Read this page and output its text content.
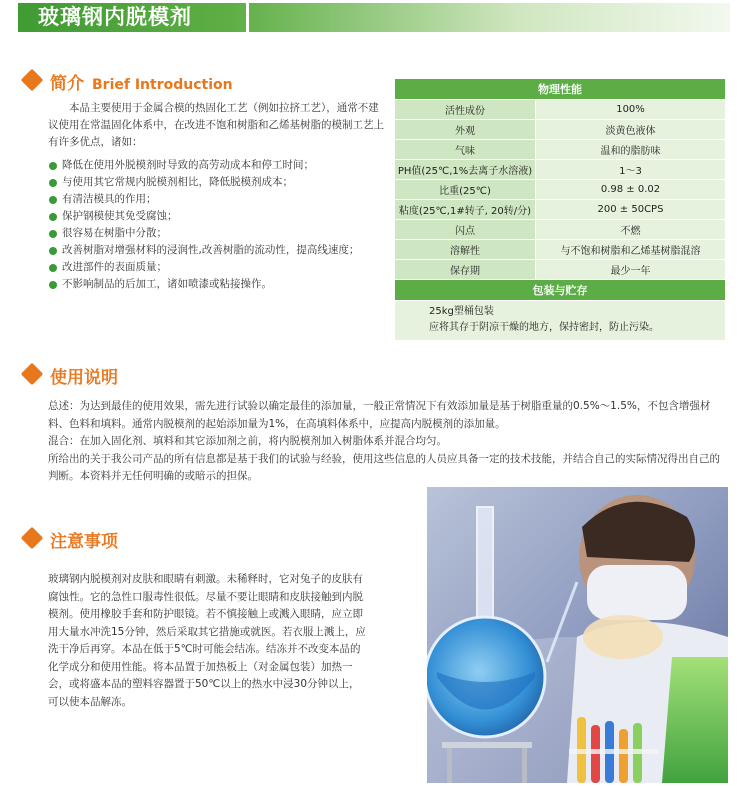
玻璃钢内脱模剂
简介 Brief Introduction

本品主要使用于金属合模的热固化工艺（例如拉挤工艺），通常不建议使用在常温固化体系中，在改进不饱和树脂和乙烯基树脂的模制工艺上有许多优点，诸如：

降低在使用外脱模剂时导致的高劳动成本和停工时间；
与使用其它常规内脱模剂相比，降低脱模剂成本；
有清洁模具的作用；
保护钢模使其免受腐蚀；
很容易在树脂中分散；
改善树脂对增强材料的浸润性,改善树脂的流动性，提高线速度；
改进部件的表面质量；
不影响制品的后加工，诸如喷漆或粘接操作。
物理性能	
活性成份	100%
外观	淡黄色液体
气味	温和的脂肪味
PH值(25℃,1%去离子水溶液)	1～3
比重(25℃)	0.98 ± 0.02
粘度(25℃,1#转子, 20转/分)	200 ± 50CPS
闪点	不燃
溶解性	与不饱和树脂和乙烯基树脂混溶
保存期	最少一年
包装与贮存	

25kg塑桶包装
应将其存于阴凉干燥的地方，保持密封，防止污染。	
使用说明

总述：为达到最佳的使用效果，需先进行试验以确定最佳的添加量，一般正常情况下有效添加量是基于树脂重量的0.5%～1.5%，不包含增强材料、色料和填料。通常内脱模剂的起始添加量为1%，在高填料体系中，应提高内脱模剂的添加量。

混合：在加入固化剂、填料和其它添加剂之前，将内脱模剂加入树脂体系并混合均匀。

所给出的关于我公司产品的所有信息都是基于我们的试验与经验，使用这些信息的人员应具备一定的技术技能，并结合自己的实际情况得出自己的判断。本资料并无任何明确的或暗示的担保。

注意事项

玻璃钢内脱模剂对皮肤和眼睛有刺激。未稀释时，它对兔子的皮肤有腐蚀性。它的急性口服毒性很低。尽量不要让眼睛和皮肤接触到内脱模剂。使用橡胶手套和防护眼镜。若不慎接触上或溅入眼睛，应立即用大量水冲洗15分钟，然后采取其它措施或就医。若衣服上溅上，应洗干净后再穿。本品在低于5℃时可能会结冻。结冻并不改变本品的化学成分和使用性能。将本品置于加热板上（对金属包装）加热一会，或将盛本品的塑料容器置于50℃以上的热水中浸30分钟以上，可以使本品解冻。
